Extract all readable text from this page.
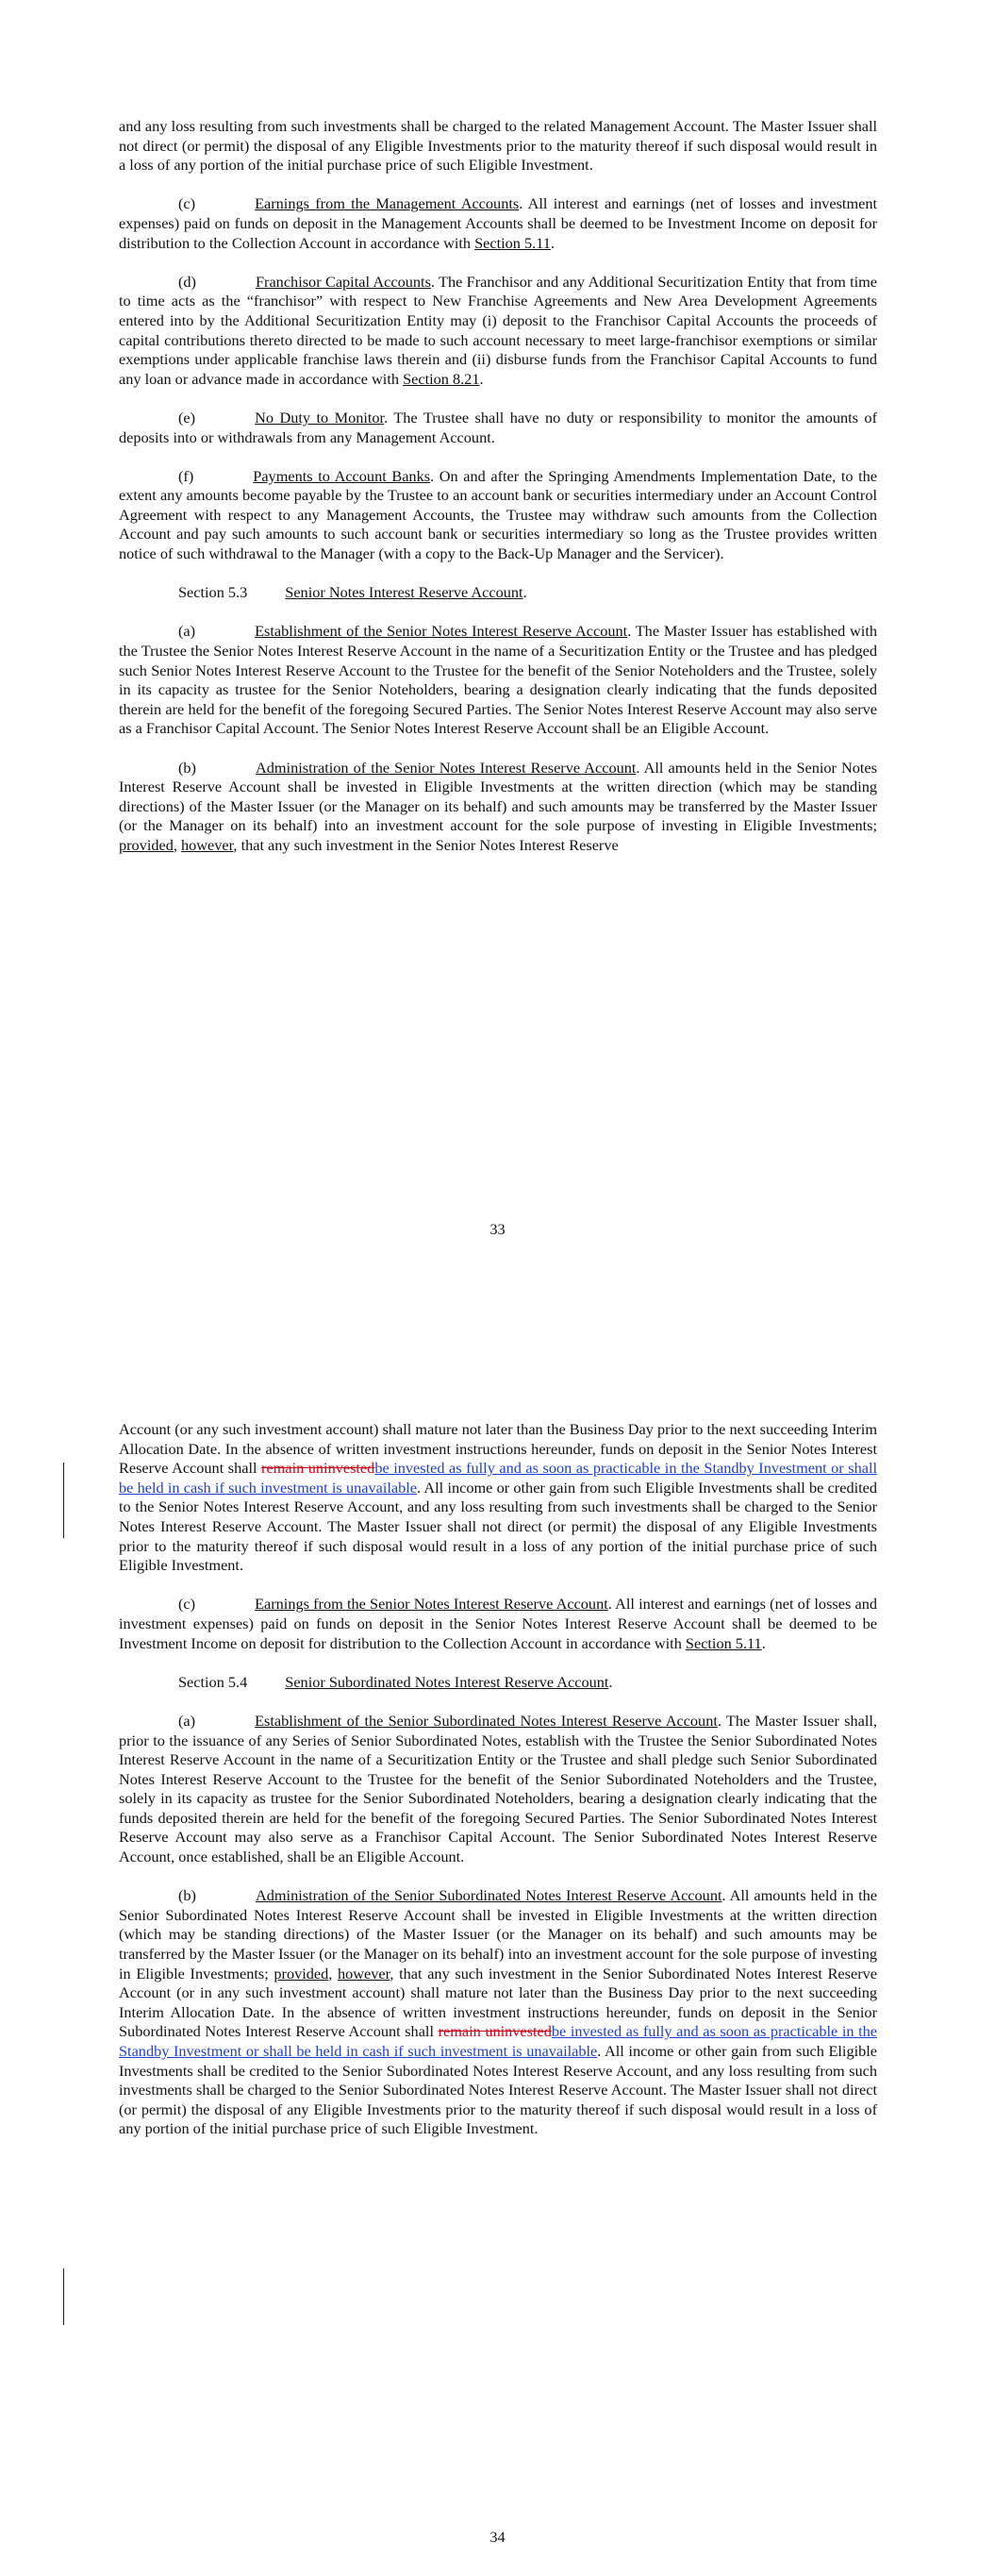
and any loss resulting from such investments shall be charged to the related Management Account. The Master Issuer shall not direct (or permit) the disposal of any Eligible Investments prior to the maturity thereof if such disposal would result in a loss of any portion of the initial purchase price of such Eligible Investment.

(c)	Earnings from the Management Accounts. All interest and earnings (net of losses and investment expenses) paid on funds on deposit in the Management Accounts shall be deemed to be Investment Income on deposit for distribution to the Collection Account in accordance with Section 5.11.

(d)	Franchisor Capital Accounts. The Franchisor and any Additional Securitization Entity that from time to time acts as the “franchisor” with respect to New Franchise Agreements and New Area Development Agreements entered into by the Additional Securitization Entity may (i) deposit to the Franchisor Capital Accounts the proceeds of capital contributions thereto directed to be made to such account necessary to meet large-franchisor exemptions or similar exemptions under applicable franchise laws therein and (ii) disburse funds from the Franchisor Capital Accounts to fund any loan or advance made in accordance with Section 8.21.

(e)	No Duty to Monitor. The Trustee shall have no duty or responsibility to monitor the amounts of deposits into or withdrawals from any Management Account.

(f)	Payments to Account Banks. On and after the Springing Amendments Implementation Date, to the extent any amounts become payable by the Trustee to an account bank or securities intermediary under an Account Control Agreement with respect to any Management Accounts, the Trustee may withdraw such amounts from the Collection Account and pay such amounts to such account bank or securities intermediary so long as the Trustee provides written notice of such withdrawal to the Manager (with a copy to the Back-Up Manager and the Servicer).

Section 5.3 Senior Notes Interest Reserve Account.

(a)	Establishment of the Senior Notes Interest Reserve Account. The Master Issuer has established with the Trustee the Senior Notes Interest Reserve Account in the name of a Securitization Entity or the Trustee and has pledged such Senior Notes Interest Reserve Account to the Trustee for the benefit of the Senior Noteholders and the Trustee, solely in its capacity as trustee for the Senior Noteholders, bearing a designation clearly indicating that the funds deposited therein are held for the benefit of the foregoing Secured Parties. The Senior Notes Interest Reserve Account may also serve as a Franchisor Capital Account. The Senior Notes Interest Reserve Account shall be an Eligible Account.

(b)	Administration of the Senior Notes Interest Reserve Account. All amounts held in the Senior Notes Interest Reserve Account shall be invested in Eligible Investments at the written direction (which may be standing directions) of the Master Issuer (or the Manager on its behalf) and such amounts may be transferred by the Master Issuer (or the Manager on its behalf) into an investment account for the sole purpose of investing in Eligible Investments; provided, however, that any such investment in the Senior Notes Interest Reserve

33

Account (or any such investment account) shall mature not later than the Business Day prior to the next succeeding Interim Allocation Date. In the absence of written investment instructions hereunder, funds on deposit in the Senior Notes Interest Reserve Account shall remain uninvestedbe invested as fully and as soon as practicable in the Standby Investment or shall be held in cash if such investment is unavailable. All income or other gain from such Eligible Investments shall be credited to the Senior Notes Interest Reserve Account, and any loss resulting from such investments shall be charged to the Senior Notes Interest Reserve Account. The Master Issuer shall not direct (or permit) the disposal of any Eligible Investments prior to the maturity thereof if such disposal would result in a loss of any portion of the initial purchase price of such Eligible Investment.

(c)	Earnings from the Senior Notes Interest Reserve Account. All interest and earnings (net of losses and investment expenses) paid on funds on deposit in the Senior Notes Interest Reserve Account shall be deemed to be Investment Income on deposit for distribution to the Collection Account in accordance with Section 5.11.

Section 5.4 Senior Subordinated Notes Interest Reserve Account.

(a)	Establishment of the Senior Subordinated Notes Interest Reserve Account. The Master Issuer shall, prior to the issuance of any Series of Senior Subordinated Notes, establish with the Trustee the Senior Subordinated Notes Interest Reserve Account in the name of a Securitization Entity or the Trustee and shall pledge such Senior Subordinated Notes Interest Reserve Account to the Trustee for the benefit of the Senior Subordinated Noteholders and the Trustee, solely in its capacity as trustee for the Senior Subordinated Noteholders, bearing a designation clearly indicating that the funds deposited therein are held for the benefit of the foregoing Secured Parties. The Senior Subordinated Notes Interest Reserve Account may also serve as a Franchisor Capital Account. The Senior Subordinated Notes Interest Reserve Account, once established, shall be an Eligible Account.

(b)	Administration of the Senior Subordinated Notes Interest Reserve Account. All amounts held in the Senior Subordinated Notes Interest Reserve Account shall be invested in Eligible Investments at the written direction (which may be standing directions) of the Master Issuer (or the Manager on its behalf) and such amounts may be transferred by the Master Issuer (or the Manager on its behalf) into an investment account for the sole purpose of investing in Eligible Investments; provided, however, that any such investment in the Senior Subordinated Notes Interest Reserve Account (or in any such investment account) shall mature not later than the Business Day prior to the next succeeding Interim Allocation Date. In the absence of written investment instructions hereunder, funds on deposit in the Senior Subordinated Notes Interest Reserve Account shall remain uninvestedbe invested as fully and as soon as practicable in the Standby Investment or shall be held in cash if such investment is unavailable. All income or other gain from such Eligible Investments shall be credited to the Senior Subordinated Notes Interest Reserve Account, and any loss resulting from such investments shall be charged to the Senior Subordinated Notes Interest Reserve Account. The Master Issuer shall not direct (or permit) the disposal of any Eligible Investments prior to the maturity thereof if such disposal would result in a loss of any portion of the initial purchase price of such Eligible Investment.

34
